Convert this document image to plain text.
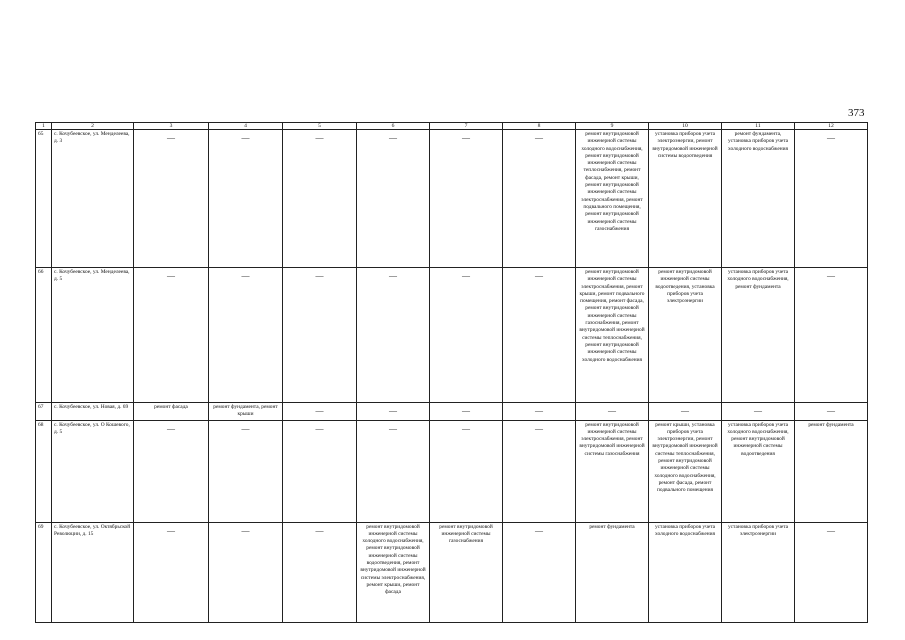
373
1	2	3	4	5	6	7	8	9	10	11	12
65	с. Кочубеевское, ул. Менделеева, д. 3	—	—	—	—	—	—	ремонт внутридомовой инженерной системы холодного водоснабжения, ремонт внутридомовой инженерной системы теплоснабжения, ремонт фасада, ремонт крыши, ремонт внутридомовой инженерной системы электроснабжения, ремонт подвального помещения, ремонт внутридомовой инженерной системы газоснабжения	установка приборов учета электроэнергии, ремонт внутридомовой инженерной системы водоотведения	ремонт фундамента, установка приборов учета холодного водоснабжения	—
66	с. Кочубеевское, ул. Менделеева, д. 5	—	—	—	—	—	—	ремонт внутридомовой инженерной системы электроснабжения, ремонт крыши, ремонт подвального помещения, ремонт фасада, ремонт внутридомовой инженерной системы газоснабжения, ремонт внутридомовой инженерной системы теплоснабжения, ремонт внутридомовой инженерной системы холодного водоснабжения	ремонт внутридомовой инженерной системы водоотведения, установка приборов учета электроэнергии	установка приборов учета холодного водоснабжения, ремонт фундамента	—
67	с. Кочубеевское, ул. Новая, д. 69	ремонт фасада	ремонт фундамента, ремонт крыши	—	—	—	—	—	—	—	—
68	с. Кочубеевское, ул. О Кошевого, д. 5	—	—	—	—	—	—	ремонт внутридомовой инженерной системы электроснабжения, ремонт внутридомовой инженерной системы газоснабжения	ремонт крыши, установка приборов учета электроэнергии, ремонт внутридомовой инженерной системы теплоснабжения, ремонт внутридомовой инженерной системы холодного водоснабжения, ремонт фасада, ремонт подвального помещения	установка приборов учета холодного водоснабжения, ремонт внутридомовой инженерной системы водоотведения	ремонт фундамента
69	с. Кочубеевское, ул. Октябрьской Революции, д. 15	—	—	—	ремонт внутридомовой инженерной системы холодного водоснабжения, ремонт внутридомовой инженерной системы водоотведения, ремонт внутридомовой инженерной системы электроснабжения, ремонт крыши, ремонт фасада	ремонт внутридомовой инженерной системы газоснабжения	—	ремонт фундамента	установка приборов учета холодного водоснабжения	установка приборов учета электроэнергии	—
